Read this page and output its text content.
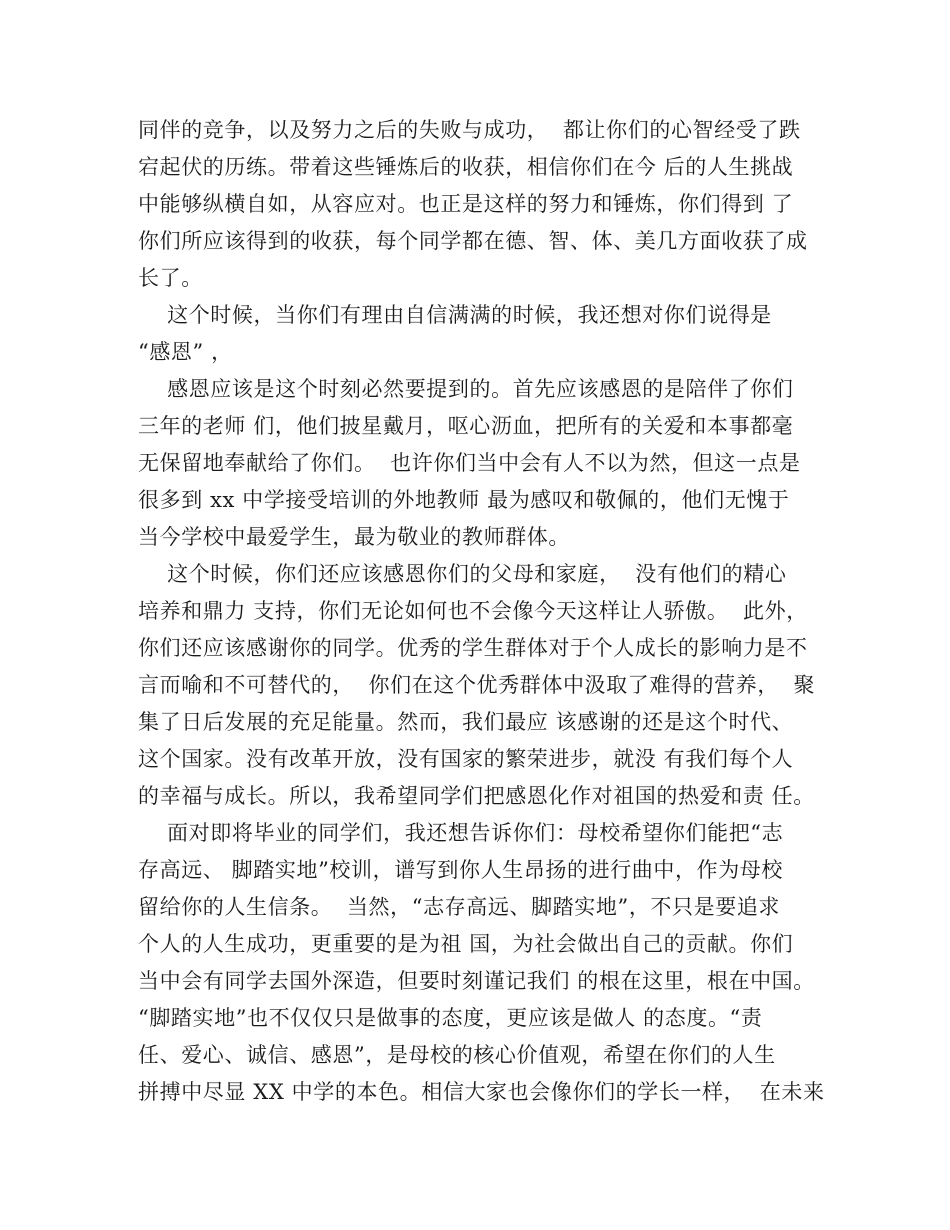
同伴的竞争，以及努力之后的失败与成功，  都让你们的心智经受了跌
宕起伏的历练。带着这些锤炼后的收获，相信你们在今 后的人生挑战
中能够纵横自如，从容应对。也正是这样的努力和锤炼，你们得到 了
你们所应该得到的收获，每个同学都在德、智、体、美几方面收获了成
长了。
这个时候，当你们有理由自信满满的时候，我还想对你们说得是
“感恩” ，
感恩应该是这个时刻必然要提到的。首先应该感恩的是陪伴了你们
三年的老师 们，他们披星戴月，呕心沥血，把所有的关爱和本事都毫
无保留地奉献给了你们。  也许你们当中会有人不以为然，但这一点是
很多到 xx 中学接受培训的外地教师 最为感叹和敬佩的，他们无愧于
当今学校中最爱学生，最为敬业的教师群体。
这个时候，你们还应该感恩你们的父母和家庭，  没有他们的精心
培养和鼎力 支持，你们无论如何也不会像今天这样让人骄傲。  此外，
你们还应该感谢你的同学。优秀的学生群体对于个人成长的影响力是不
言而喻和不可替代的，  你们在这个优秀群体中汲取了难得的营养，  聚
集了日后发展的充足能量。然而，我们最应 该感谢的还是这个时代、
这个国家。没有改革开放，没有国家的繁荣进步，就没 有我们每个人
的幸福与成长。所以，我希望同学们把感恩化作对祖国的热爱和责 任。
面对即将毕业的同学们，我还想告诉你们：母校希望你们能把“志
存高远、 脚踏实地”校训，谱写到你人生昂扬的进行曲中，作为母校
留给你的人生信条。  当然，“志存高远、脚踏实地”，不只是要追求
个人的人生成功，更重要的是为祖 国，为社会做出自己的贡献。你们
当中会有同学去国外深造，但要时刻谨记我们 的根在这里，根在中国。
“脚踏实地”也不仅仅只是做事的态度，更应该是做人 的态度。“责
任、爱心、诚信、感恩”，是母校的核心价值观，希望在你们的人生
拼搏中尽显 XX 中学的本色。相信大家也会像你们的学长一样，  在未来
